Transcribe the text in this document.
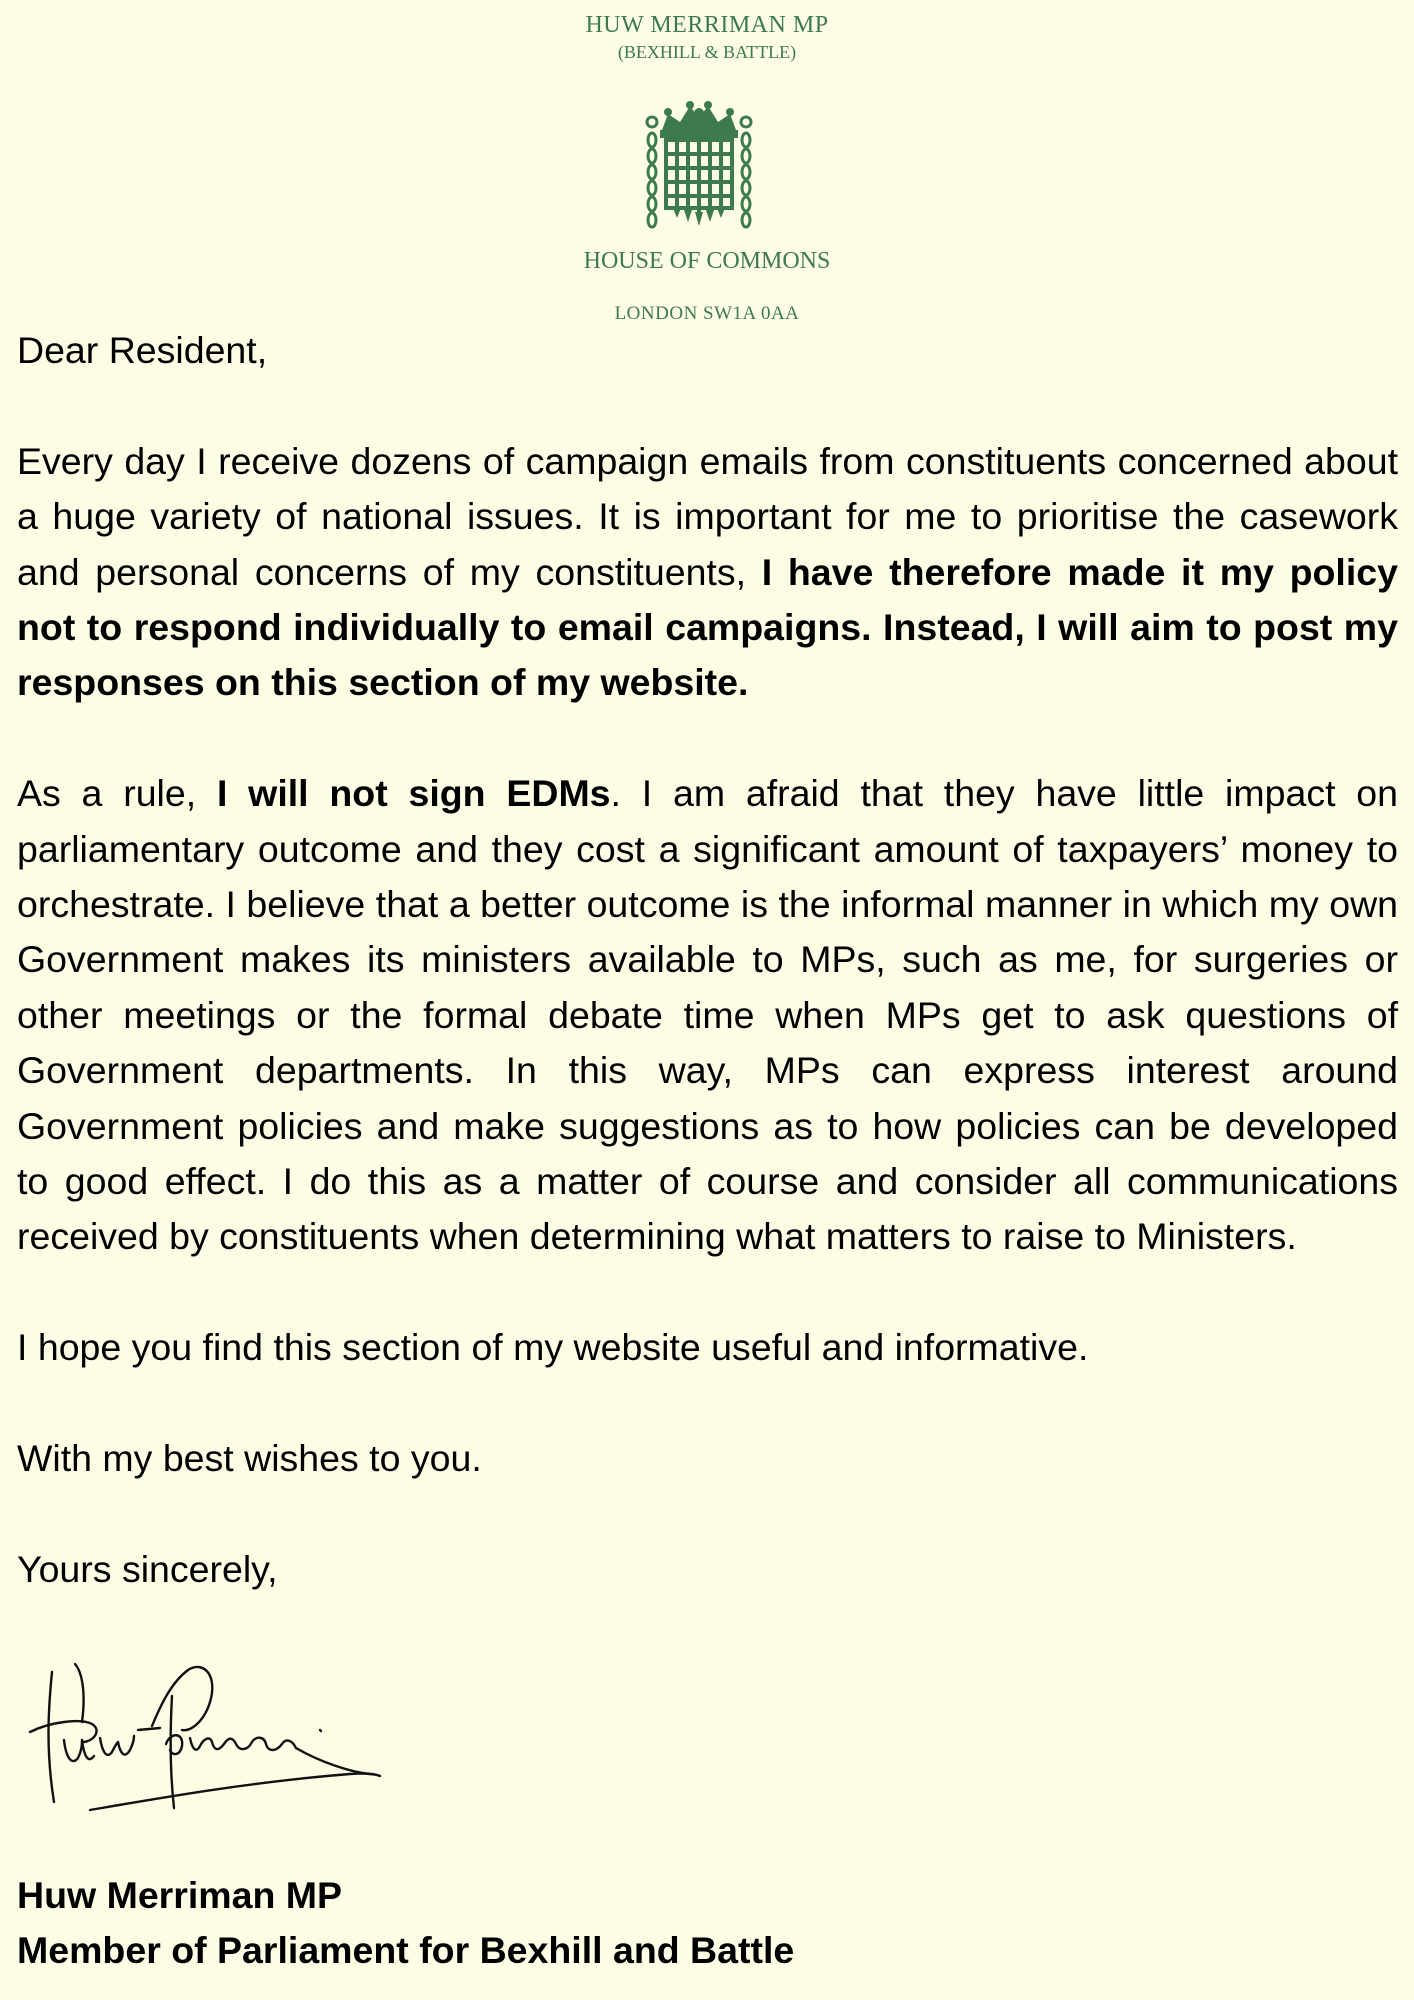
HUW MERRIMAN MP
(BEXHILL & BATTLE)
HOUSE OF COMMONS
LONDON SW1A 0AA

Dear Resident,

Every day I receive dozens of campaign emails from constituents concerned about a huge variety of national issues. It is important for me to prioritise the casework and personal concerns of my constituents, I have therefore made it my policy not to respond individually to email campaigns. Instead, I will aim to post my responses on this section of my website.

As a rule, I will not sign EDMs. I am afraid that they have little impact on parliamentary outcome and they cost a significant amount of taxpayers’ money to orchestrate. I believe that a better outcome is the informal manner in which my own Government makes its ministers available to MPs, such as me, for surgeries or other meetings or the formal debate time when MPs get to ask questions of Government departments. In this way, MPs can express interest around Government policies and make suggestions as to how policies can be developed to good effect. I do this as a matter of course and consider all communications received by constituents when determining what matters to raise to Ministers.

I hope you find this section of my website useful and informative.

With my best wishes to you.

Yours sincerely,

Huw Merriman MP
Member of Parliament for Bexhill and Battle
